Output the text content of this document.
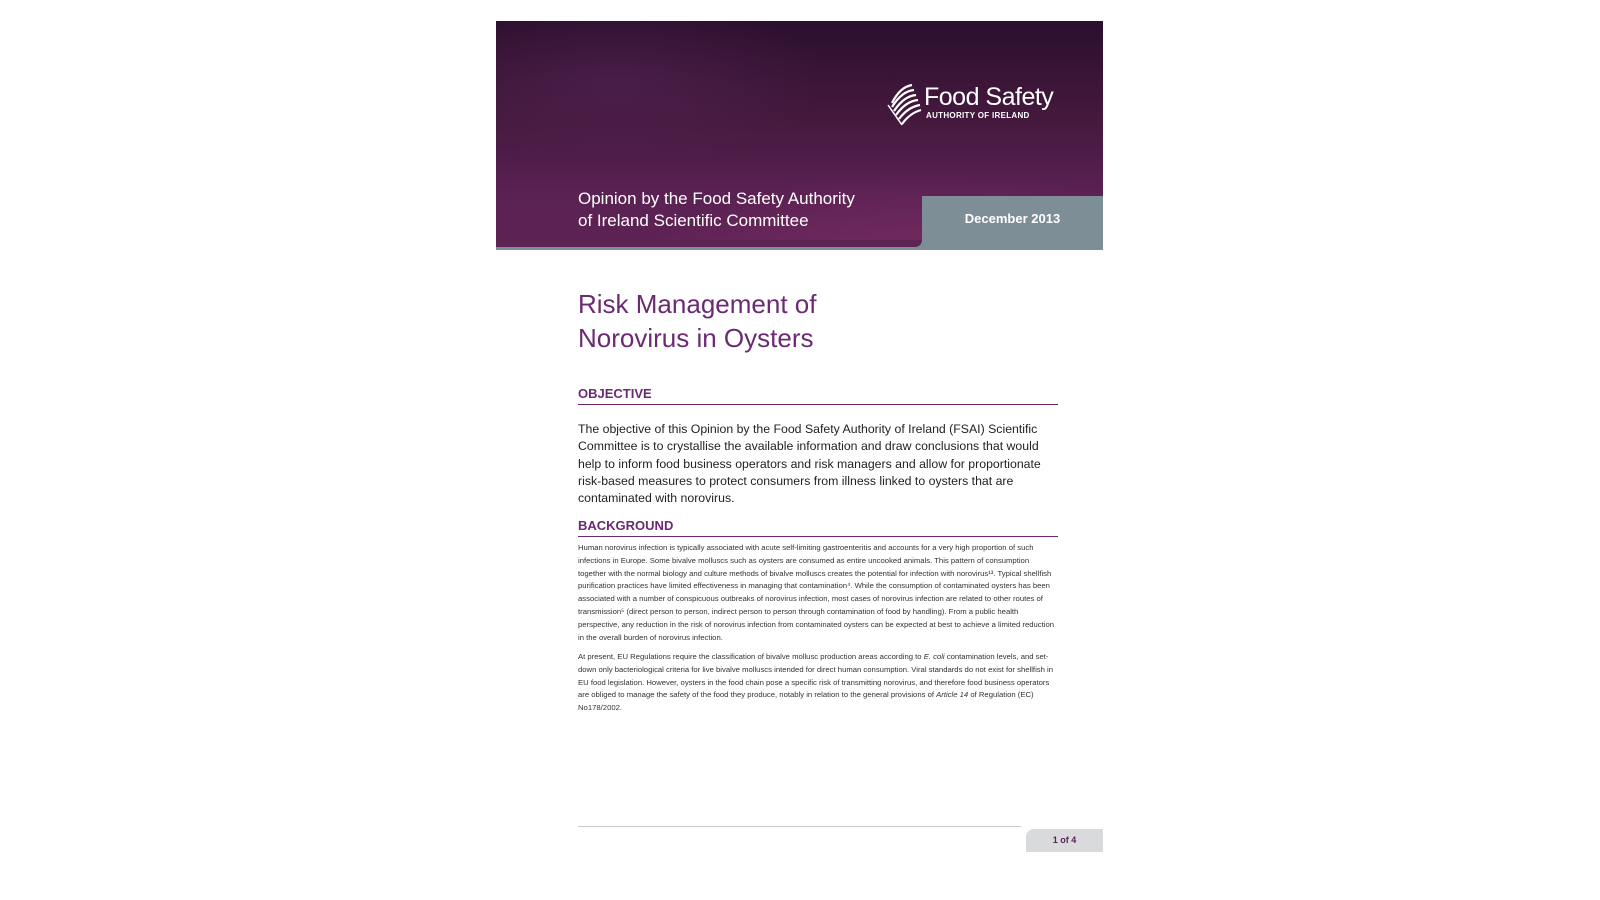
Food Safety
AUTHORITY OF IRELAND
Opinion by the Food Safety Authority
of Ireland Scientific Committee	December 2013
Risk Management of
Norovirus in Oysters
OBJECTIVE
The objective of this Opinion by the Food Safety Authority of Ireland (FSAI) Scientific Committee is to crystallise the available information and draw conclusions that would help to inform food business operators and risk managers and allow for proportionate risk-based measures to protect consumers from illness linked to oysters that are contaminated with norovirus.
BACKGROUND
Human norovirus infection is typically associated with acute self-limiting gastroenteritis and accounts for a very high proportion of such infections in Europe. Some bivalve molluscs such as oysters are consumed as entire uncooked animals. This pattern of consumption together with the normal biology and culture methods of bivalve molluscs creates the potential for infection with norovirus¹³. Typical shellfish purification practices have limited effectiveness in managing that contamination⁴. While the consumption of contaminated oysters has been associated with a number of conspicuous outbreaks of norovirus infection, most cases of norovirus infection are related to other routes of transmission⁵ (direct person to person, indirect person to person through contamination of food by handling). From a public health perspective, any reduction in the risk of norovirus infection from contaminated oysters can be expected at best to achieve a limited reduction in the overall burden of norovirus infection.
At present, EU Regulations require the classification of bivalve mollusc production areas according to E. coli contamination levels, and set-down only bacteriological criteria for live bivalve molluscs intended for direct human consumption. Viral standards do not exist for shellfish in EU food legislation. However, oysters in the food chain pose a specific risk of transmitting norovirus, and therefore food business operators are obliged to manage the safety of the food they produce, notably in relation to the general provisions of Article 14 of Regulation (EC) No178/2002.
1 of 4
